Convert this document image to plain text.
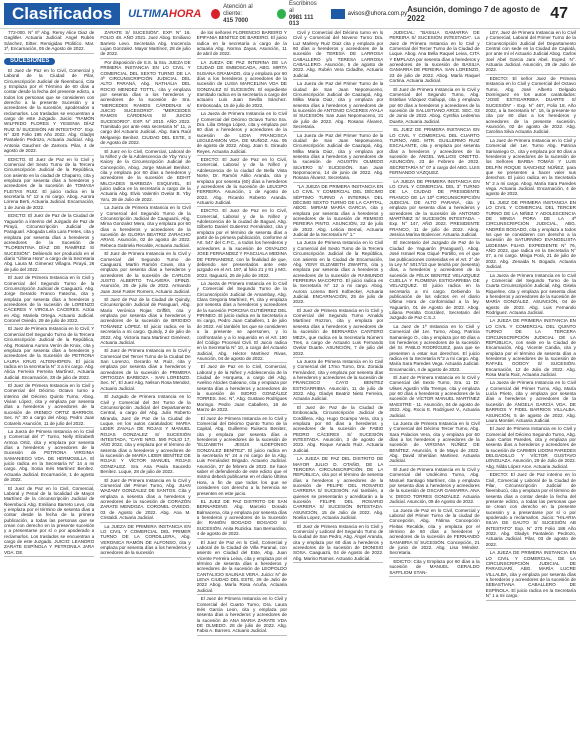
Clasificados	ULTIMAHORA
Atención al cliente:
415 7000
Escribinos al
0981 111 013
avisos@uhora.com.py Asunción, domingo 7 de agosto de 2022	47

772-000. N° 8º Abg. Remy Alice Diaz de Gaglitler. Actuaria Judicial: Angel Rubén Sánchez, Eitter. Remigidao Ptolitíco. Mar. 1ª, Encarnación, 05 de Agosto de 2022.

SUCESIONES

El Juez de Paz en lo Civil, Comercial y Laboral de la Ciudad de Pilar, Circunscripción Judicial de Ñeembucú, Cita y Emplaza por el Término de 60 días a contar desde la fecha del presente edicto, a todos los personas que se consideren con derecho a la presente Sucesión y a acreedores de la sucesión, apoderados a reclamarlos. Los traslados se encuentran a cargo de este Juzgado. Juicio: "RAMÓN WILFRIDO FLORES Y YESENIA DÍAZ RUIZ S/ SUCESIÓN AB INTESTATO". Exp. N° 320 Folio 195 Año 2022. Abg. Gladys Pantaleón Pedrozo, Actuaria Judicial. Abg. Antonia Gauchez de Zamora. Pilar, 4 de agosto de 2022.

EDICTO. El Juez de Paz en lo Civil y Comercial del Sexto Turno de la Tercera Circunscripción Judicial de la República, con asiento en la ciudad de Chaparro, cita y emplaza por sesenta días a herederos y acreedores de la sucesión de TOMASA FLEITAS RUIZ. El juicio radica en la secretaría N° 12 a mi cargo. Abog. Aurora Lorena Berti, Actuaria Judicial. Encarnación, 1 de Junio de 2022.

EDICTO: El Juez de Paz de la Ciudad de Yaguarón a interino del Juzgado de Paz de Pirayú, Circunscripción Judicial de Paraguarí. Abogada Leila Lara Fretes, cita y emplaza por sesenta días a herederos y acreedores de la Sucesión de "FLORENTINA DÍAZ DE RAMÍREZ S/ SUCESIÓN". Debiendo ser producido en el diario "Última Hora" a cargo de la Secretaria Abg. Laura M. Gimenez Villagra. Pirayú, 26 de julio del 2022.

El Juez de Primera Instancia en lo Civil y Comercial del Segundo Turno de la Circunscripción Judicial de Caaguazú. Abg. Jorge Gerardo Franco Fatecha, cita y emplaza por sesenta días a herederos y acreedores de la sucesión de LORENZO CÁCERES Y VIRGILIA CACERES. Actúa en Abg. Mariela Ortega. Actuario Judicial. Coronel Oviedo, 29 de julio de 2022.

El Juez de Primera Instancia en lo Civil, Y Comercial Del Segundo Turno de la Tercera Circunscripción Judicial de la República, Abg. Rosanna Aurora Verón de Knox, cita y emplaza por sesenta días a herederos y acreedores de la Sucesión de PETRONA LAURA KRUG ALTENHOFEN. El juicio radica en la secretaría N° 3 a mi cargo. Abg. Alicia Ferreira Ferreira Martínez, Actuaria Judicial. Encarnación, 28 de julio de 2022.

El Juez de Primera Instancia en lo Civil y Comercial del Décimo Octavo turno a interino del Décimo Quinto Turno, Abog. Vivian López, cita y emplaza por sesenta días a herederos y acreedores de la sucesión de IRENEO ORTIZ BARRIOS. Sec. N° 30 a cargo del Abog. Pedro Juan Cotarelo Asunción, 11 de julio del 2022.

La Jueza de Primera Instancia en lo Civil y Comercial del 7° Turno, Nelly Elizabeth Armoa Ortiz, cita y emplaza por sesenta días a herederos y acreedores de la Sucesión de PETRONA VIRGINIA SAMANIEGO VDA. DE HERMOSILLA. El juicio radica en la Secretaría N° 14 a mi cargo. Abg. Sonia Inés Martínez Benítez. Actuaria Judicial. Encarnación, 1 de agosto de 2022.

El Juez de Paz en lo Civil, Comercial, Laboral y Penal de la localidad de Mayor Martínez de la circunscripción Judicial de Ñeembucú Abg. Emiliano Barreto Levo, cita y emplaza por el término de sesenta días a contar desde la fecha de la primera publicación, a todas las personas que se crean con derecho en la presente sucesión y a presentarse por sí o por apoderado a reclamarlos. Los traslados se encuentran a cargo de este Juzgado. JUICIO: LEANDRO ZARATE ESPÍNOLA Y PETRONILA JARA VDA. DE

ZARATE S/ SUCESIÓN". EXP. N° 16. FOLIO 48. AÑO 2021. Juez Abog. Emiliano Barreto Levo. Secretaria Abg. Inocencia Lujan Gonzalez. Mayor Martínez, 28 de julio de 2022.

Por disposición de S.S. la Sra. JUEZA DE PRIMERA INSTANCIA EN LO CIVIL Y COMERCIAL DEL SEXTO TURNO DE LA 4ª CIRCUNSCRIPCIÓN JUDICIAL DEL ALTO PARANÁ, Abg. NATHALIA DEL ROCIO MENDEZ TOTTL, cita y emplaza por sesenta días a los herederos y acreedores de la sucesión de Sra. "MERCEDES RAMOS CÁRDENAS s/ JUICIO SUCESORIO". "MERCEDES RAMOS CÁRDENAS S/ JUICIO SUCESORIO". EXP. N° 2010. AÑO 2022. Tramitado por ante esta secretaría N° 11, a cargo del Actuario Judicial. Abg. Sara Raúl Melgarejo Benítez. CIUDAD DEL ESTE, 3 de Agosto de 2022.

El Juez en lo Civil, Comercial, Laboral de la Niñez y de la Adolescencia de Yby Ya'u y Kaiory de la Circunscripción Judicial de Concepción, Abog. Jorge Manuel Benítez, cita y emplaza por 60 días a herederos y acreedores de la sucesión de EDHIT MILCIADES BARBOZA ESQUIVEL, El juicio radica en la secretaría a cargo de la Actuaria Abg. Elvio Valentín Ovelar B. Yby Ya'u, 28 de Julio de 2022.

La Jueza de Primera Instancia en lo Civil y Comercial del Segundo Turno de la Circunscripción Judicial de Caaguazú, Abg. Mirna Gonzalez Mera, cita y emplaza por 60 días a herederos y acreedores de la sucesión de GLORIA BEATRIZ ZARACHO ARIAS. Asunción, 02 de agosto de 2022. Rebeca Gabriela Recalde, Actuaria Judicial.

El Juez de Primera Instancia en lo Civil y Comercial del Segundo Turno de Caaguazú, Martín Ramón Cowin, cita y emplaza por sesenta días a herederos y acreedores de la sucesión de CARLOS JUSTO ALBERTO TALAVERA SPINZI. Asunción, 25 de julio de 2022. Armando Juan José Fuster Romero, Actuario Judicial.

El Juez de Paz de la Ciudad de Quindy, Circunscripción Judicial de Paraguarí, Abg. María Verónica Rojas Griffith, cita y emplaza por sesenta días a herederos y acreedores de la sucesión de BRIGIDO TOÑANEZ LÓPEZ. El juicio radica en la secretaría a mi cargo. Quindy, 2 de julio de 2022. Abg. Victoria Sara Martinez Giménez, Actuaria Judicial.

El Juez de Primera Instancia en lo Civil y Comercial Del Tercer Turno de la Ciudad De San Lorenzo, Gerardo M. Ruiz, cita y emplaza por sesenta días a herederos y acreedores de la sucesión de PRIMERA ORTIGOZA BARBOZA - SAN LORENZO. Sec. N°, El Juez Abg. Nelson Rosa Mendez, Actuario Judicial.

El Juzgado de Primera Instancia en lo Civil y Comercial del 3er Turno de la Circunscripción Judicial del Departamento Central, a cargo del Abg. Julio Roberto Miranda, Juez de Paz de la Ciudad de Luque, en los autos caratulados: MARIA LIDER ZAVALA DE ROJAS Y MANUEL ROJAS GONZALEZ S/ SUCESIÓN INTESTADA, "CAYE NRO. 590 FOLIO 17, AÑO 2022, cita y emplaza por el término de sesenta días a herederos y acreedores de la sucesión de MARÍA LIDER BENÍTEZ DE ROJAS Y VÍCTOR MANUEL ROJAS GONZALEZ. Sra. Ana Paula Saucedo Benítez. Luque, 28 de julio de 2022.

El Juez de Primera Instancia en lo Civil y Comercial del Primer Turno, Abg. JUAN WAZAMY GONZALEZ DE SANTOS. Cita y emplaza a sesenta días a herederos y acreedores de la sucesión de CORAZÓN ZARATE MENDOZA. CORONEL OVIEDO, 03 de Agosto de 2022. Abg. Ana M. Cristaldi. Actuaria Judicial.

La JUEZA DE PRIMERA INSTANCIA EN LO CIVIL Y COMERCIAL DEL PRIMER TURNO DE LA CORDILLERA, Abg. VERONICA RAMÓN DE ALFONSO, cita y emplaza por sesenta días a los herederos y acreedores de la sucesión

de los señores FLORENCIO BAREIRO Y EPIFANIA BENÍTEZ DE BAREIRO. El juicio radica en la secretaría a cargo de la actuaria Abg. Norma Zayas, Asunción, 11 de abril de 2022.

LA JUEZA DE PAZ INTERINA DE LA CIUDAD DE EMBOSCADA, ABG. MIRTA SUSANA GRAMADO, cita y emplaza por 60 días a los herederos y acreedores de la sucesión de LUISA MARCELINA VDA DE GONZALEZ S/ SUCESIÓN. El expediente tramitado radica en la secretaría a cargo del actuario Luis Juan Sevilla Sánchez. Emboscada, 15 de julio de 2022.

La Jueza de Primera Instancia en lo Civil y Comercial del Décimo Octavo Turno Sra. Dra. Lilia Ortega López, cita y emplaza por 60 días a herederos y acreedores de la sucesión de LIDIA FRANCISCA LEGUIZAMON VDA. DE MUÑOZ. Asu. 05 de agosto de 2022. Abog. Joan S. Giraudo Reyes. Actuaria Judicial.

EDICTO: El Juez de Paz en lo Civil, Comercial, Laboral y de la Niñez y Adolescencia de la ciudad de Bella Vista Norte, Dr. Ramón Atilio Aranda, cita y emplaza por sesenta (60) días a herederos y acreedores de la sucesión de LEUCIPO FERREIRA. Asunción, 1 de Agosto de 2022. Abg. Ricardo Roberto Aranda. Actuario Judicial.

EDICTO. El Juez de Paz en lo Civil, Comercial, Laboral y de la Niñez y Adolescencia de la ciudad de Bagual, Abg. Gilberto Daniel Gutierrez Fernández, cita y emplaza por el término de sesenta días a partir de la primera publicación, conforme al Art. 547 del C.P.C., a todos los herederos y acreedores a la sucesión de OSVALDO JOSE FERNANDEZ Y PASCUALA MEDINA DE FERNANDEZ, con la finalidad de que, debiendo ser presentados ante este juzgado en el Art. 197, al folio 21 y 91 y MG. 2022. Itaguazú, 25 de julio de 2022.

La Jueza de Primera Instancia en lo Civil y Comercial del Segundo Turno de la Circunscripción Judicial de Amambay, Abg. Clara Gregoria Martínez, Pi, cita y emplaza por sesenta días a herederos y acreedores de la sucesión PORCINA GUTIÉRREZ DEL PIRINEO. El juicio radica en la Secretaría a mi cargo, Pedro Juan Caballero, 1 de julio de 2022. Así también los que se consideren a la presente se apersonen, y lo confrontarán y a lo requerido en el Art. 180 del Código Procesal Civil. El Juicio radica en la Secretaría N° 10, a cargo del Actuario Judicial, Abg. Héctor Martínez Rivas, Asunción, 04 de agosto de 2022.

El Juez de Paz en lo Civil, Comercial, Laboral y de la Niñez y Adolescencia de la Ciudad de Horqueta, a cargo del Abg. Avelino Alcides Galeano, cita y emplaza por sesenta días a herederos y acreedores de la sucesión de ISIDRO GONZÁLEZ TORRES. Sec. N°, Abg. Gustavo Rodrigues Moringo. Pedro Juan Caballero, 18 de Marzo de 2022.

El Juez de Primera Instancia en lo Civil y Comercial del Décimo Quinto Turno de la Capital, Abg. Guillermo Ruiseco Benitez, cita y emplaza por sesenta días a herederos y acreedores de la sucesión de "ELIZABETH JESÚS ILDEFONSO GONZALEZ BENÍTEZ". El juicio radica en la secretaría N° 24 a mi cargo de la Abg. Luis Fernández Brigado. Actuario Judicial. Asunción, 27 de febrero de 2022. Se hace saber el defendiendo de este edicto que el mismo deberá publicarse en el diario Última Hora, a fin de que todos los que se consideren con derecho a la herencia se presenten en este juicio.

EL JUEZ DE PAZ DISTRITO DE SAN BERNARDINO. Abg. Marcelo Dorado Balmacena, cita y emplaza por sesenta días a herederos y acreedores de la Sucesión de: RAMÓN BOGADO BOGADO S/ SUCESIÓN. Anita Ruzicka. San Bernardino, 4 de agosto de 2022.

El Juez de Paz en lo Civil, Comercial y Laboral de la Ciudad de Villa Paranal, con asiento en Ciudad del Este, Abg. Juan Vicente Ferreira Leiva, cita y emplaza por el término de sesenta días a herederos y acreedores de la sucesión de LEOPOLDO CANTALICIO SALINAS VERA. Juicio: N° de LEIVA CIUDAD DEL ESTE, 28 de Julio de 2022 Abog. María Rosa Acuña, Actuaria Judicial.

El Juez de Primera Instancia en lo Civil y Comercial del Cuarto Turno, Dra. Laura Inés Garcia Leon, cita y emplaza por sesenta días a herederos y acreedores de la sucesión de ANA MARIA ZARATE VDA DE OLMEDO. 28 de julio de 2022. Abg. Fabio A. Barrero. Actuario Judicial.

Civil y Comercial del Décimo turno en lo Civil y Comercial del Noveno Turno Dra. Luz Marleny Ruiz Diaz cita y emplaza por 60 días a herederos y acreedores de la sucesión de TERESA DE LARROSA CABALLERO y/o TERESA LARROSA CABALLERO. Asunción, 5 de agosto de 2022. Abg. Rubén Vera Cidadhe, Actuario Judicial.

La Jueza de Paz del Primer Turno de la ciudad de San Juan Nepomuceno, Circunscripción Judicial de Caazapá, Abg. Milka Maria Diaz, cita y emplaza por sesenta días a herederos y acreedores de la sucesión de ANTONIO CÁCERES AYALA S/ SUCESIÓN. San Juan Nepomuceno, 21 de julio de 2022. Abg. Rosana Álvarez, Secretaria.

La Jueza de Paz del Primer Turno de la ciudad de San Juan Nepomuceno, Circunscripción Judicial de Caazapá, Abg. Milka Maria Diaz, cita y emplaza por sesenta días a herederos y acreedores de la sucesión de AGUSTÍN OLMEDO SILVERO S/ SUCESIÓN. San Juan Nepomuceno, 14 de junio de 2022. Abg. Rosana Álvarez, Secretaria.

"LA JUEZA DE PRIMERA INSTANCIA EN LO CIVIL Y COMERCIAL DEL DÉCIMO SÉPTIMO TURNO A INTERINA DEL DÉCIMO SEXTO TURNO DE LA CAPITAL, ABOG. MIRIAM MARÍA GARCIA, cita y emplaza por sesenta días a herederos y acreedores de la sucesión de REMIGIO PEREIRA PINTO. ASUNCIÓN, 22 de julio de 2022. Abg. Leticia Bernal, Actuaria Judicial de la Secretaría N° 1."

La Jueza de Primera Instancia en lo Civil y Comercial del Sexto Turno de la Tercera Circunscripción Judicial de la República, con asiento en la Ciudad de Encarnación, Abg. YENY ELIZABETH ZWARTS, cita y emplaza por sesenta días a herederos y acreedores de la sucesión de RAIMUNDO FERREIRA MACORITO. El juicio radica en la Secretaría N° 12 a mi cargo. Abog. Aurora Lorena Berti Kolbecker, Actuaria Judicial. ENCARNACIÓN, 25 de julio de 2022.

El Juez de Primera Instancia en lo Civil y Comercial del Segundo Turno Arnaldo Martínez Rozzon, cita y emplaza por sesenta días a herederos y acreedores de la sucesión de BERNARDA CANTERO MEZA, que radica en la Secretaría Número Tres, a cargo de Actuario Luis Fernando Ovelar Duarte. ASUNCIÓN, 7 de julio del 2022.

La Jueza de Primera Instancia en lo Civil y Comercial del 17mo Turno, Dra. Zoraida Fernández, cita y emplaza por sesenta días a herederos y acreedores de la sucesión de FRANCISCO CAYO BENÍTEZ ESTIGARRIBIA. Asunción, 11 de julio de 2022. Abg. Gladys Beatriz Nieto Ferreira, Actuaria Judicial.

El Juez de Paz de la Ciudad de Emboscada, Circunscripción Judicial de Cordillera, Abg. Hugo Ocampo Vera, cita y emplaza por 60 días a herederos y acreedores de la sucesión de FABIO PEDRO CÁCERES S/ SUCESIÓN INTESTADA. Asunción, 3 de agosto de 2022. Abg. Roque Amado Ruiz. Actuaria Judicial.

LA JUEZA DE PAZ DEL DISTRITO DE MAYOR JULIO D. OTAÑO, DE LA TERCERA CIRCUNSCRIPCIÓN DE LA REPÚBLICA, cita por el término de sesenta días a herederos y acreedores de la sucesión de PELIPE DEL ROSARIO CARRERA S/ SUCESIÓN. Así también, a quienes se presentarán y acreditarán a la sucesión FELIPE DEL ROSARIO CARRERA S/ SUCESIÓN INTESTADA. ASUNCIÓN, 15 de Julio de 2022. Abg. Noelia Lopez, Actuaria Judicial.

El Juez de Primera Instancia en lo Civil y Comercial y Laboral del Segundo Turno de la ciudad de San Pedro, Abg. Ángel Aranda, cita y emplaza por 60 días a herederos y acreedores de la sucesión de DIONISIO SOSA. Caaguazú, 04 de Agosto de 2022. Abg. Marino Ramos. Actuario Judicial.

JUDICIAL: "BASILIA GAMARRA DE PEREIRA S/ SUCESIÓN INTESTADA". La Juez de Primera Instancia en lo Civil y Comercial del Tercer Turno de la Ciudad de Luque. Abog. Ana Bella Raquel Leiva, CITA Y EMPLAZA por sesenta días a herederos y acreedores de la sucesión de BASILIA GAMARRA DE PEREIRA. SAN LORENZO, 23 de julio de 2022. Abog. María Raquel Cortina. Actuaria Judicial.

El Juez de Primera Instancia en lo Civil y Comercial del Segundo Turno, Abg. Esteban Vázquez Galluppi, cita y emplaza por 60 días a herederos y acreedores de la sucesión de SALUSTIANO ARCE. SEC. 03 de Junio de 2022. Abog. Cynthia Ledesma Duarte, Actuaria Judicial.

EL JUEZ DE PRIMERA INSTANCIA EN LO CIVIL Y COMERCIAL DEL CUARTO TURNO, ABG. MTR. GUILLERMO RUIZ ESCALANTE, cita y emplaza por sesenta días a herederos y acreedores de la sucesión de ÁNGEL WILLIOS ONETTO. ASUNCIÓN, 23 de Febrero de 2022. SECRETARÍA N° 07 a cargo del ABG. LUIS FERNANDO VÁZQUEZ.

LA JUEZA DE PRIMERA INSTANCIA EN LO CIVIL Y COMERCIAL DEL 3° TURNO DE LA CIUDAD DE PRESIDENTE FRANCO DE LA 10ª CIRCUNSCRIPCIÓN JUDICIAL DE ALTO PARANÁ, cita y emplaza por sesenta días a herederos y acreedores de la sucesión de ANTONIO MARTÍNEZ S/ SUCESIÓN INTESTADA. - Exp. N° 147, AÑO 2022. PRESIDENTE FRANCO, 11 de julio de 2022. Abog. Jessica Marina Bodeccer. Actuaria Judicial.

El Secretario del Juzgado de Paz de la Ciudad de Yaguarón (Paraguarí), Abog. José Ismael Roa Giqué Portillo, en el que las publicaciones contenidas en el Art. 2° de la Ley N° 5017/13 que tendrá por (sesenta) días, a herederos y acreedores de la sucesión de FÉLIX BENITEZ VELAZQUEZ CUELLA Y FLOMENA ESTIGARRIBIA DE VELAZQUEZ. El juicio radica en la secretaría a mi cargo. Debiendo la publicación de los edictos en el diario Última Hora de conformidad a la ley. Yaguarón, 01 de Agosto de 2022. Abog. Liliana Peralta González, Secretario del Juzgado de Paz C.S.J.

La Juez de 1ª Instancia en lo Civil y Comercial del 1er. Turno, Abog. Patricia Samaniego O., cita y emplaza por 60 días a los herederos y acreedores de la sucesión del Sr. PABLO RODRÍGUEZ, para que se presenten a estar sus derechos. El juicio radica en la Secretaría N°2 a mi cargo. Abg. María Sara Paredes Vega. Actuaria Judicial. Encarnación, 4 de agosto de 2022.

El Juez de Primera Instancia en lo Civil y Comercial del Sexto Turno, Sra. 11 Dr. Ulises Agustín Villa Tremps, cita y emplaza por 60 días a herederos y acreedores de la sucesión de VÍCTOR MANUEL MARTÍNEZ MAESTRE - 11. Asunción, 04 de agosto de 2022. Abg. Rocio E. Rodríguez V., Actuaria Judicial.

La Jueza de Primera Instancia en lo Civil y Comercial del Décimo Tercer Turno, Abg. Sara Palacios Vera, cita y emplaza por 60 días a los herederos y acreedores de la sucesión de VIRGINIA NÚÑEZ DE BENÍTEZ. Asunción, 6 de Mayo de 2022. Abg. David Sheridan Martinez. Actuaria Judicial.

El Juez de Primera Instancia en lo Civil y Comercial del Undécimo Turno, Abg. Manuel Santiago Martínez, cita y emplaza por sesenta días a herederos y acreedores de la sucesión de OSCAR GAMARRA. ANA V. DIEGO TORRES GONZÁLEZ. Actuaria Judicial. Asunción, 09 de Agosto de 2022.

La Jueza de Paz en lo Civil, Comercial y Laboral del Primer Turno de la ciudad de Concepción, Abg. Fátima Concepción Fleitas Recalde, cita y emplaza por el término de 60 días a herederos y acreedores de la sucesión de FERNANDO SANABRIA S/ SUCESIÓN. Concepción, 21 de junio de 2022. Abg. Lisa Méndez. Secretaria.

EDICTO: Cita y Emplaza por 60 días a la sucesión de MANUEL GERALDO SAFFLIOM STAN-

LEY, Juez de Primera Instancia en lo Civil y Comercial, Laboral del Primer Turno de la Circunscripción Judicial del Departamento Central con sede en la Ciudad de Capiatá, por ante mí el Actuario Judicial Abog. Carlos Joel Abel Garcia Jara Abel. Exped. N°. Actuaria Judicial. Asunción, 29 de Julio de 2022.

EDICTO: El señor Juez de Primera Instancia en lo Civil y Comercial del Octavo Turno, Abg. José Alberto Delgado Domínguez en los autos caratulados: "JOSÉ ESTIGARRIBIA DUARTE S/ SUCESIÓN" - Exp. N° 467, Folio 18, Año 2022, a la Secretaría N°. 16, la presente se cita por 60 días a los herederos y acreedores de la presente sucesión. Asunción, 02 de agosto de 2022. Abg. Carolina Silva Actuaria Judicial.

La Juez de Primera Instancia en lo Civil y Comercial del 1er. Turno Abg. Patricia Samaniego O., cita y emplaza por 60 días a herederos y acreedores de la sucesión de los Señores BARBA TOMÁS Y LUIS DELFÍN ROQUE SANCHEZ NÚÑEZ, para que se presenten a hacer valer sus derechos. El juicio radica en la Secretaría N° 2 a mi cargo. Abog. María Sara Paredes Vega. Actuaria Judicial. Encarnación, 4 de agosto de 2022.

EL JUEZ DE PRIMERA INSTANCIA EN LO CIVIL Y COMERCIAL DEL TERCER TURNO DE LA NIÑEZ Y ADOLESCENCIA DE MINGA PORA DE LA 4ª CIRCUNSCRIPCIÓN JUDICIAL, ABG. ANDRÉS BOGADO, cita y emplaza a todos los que se consideren con derecho a la sucesión de SATURNINO EVANGELISTA LEDESMA FILHO. EXPEDIENTE N° 76, AÑO 2022, que radica en la Secretaría N° 07, a mi cargo. Minga Porá, 21 de julio de 2022. Abg. Zenaida N. Bogado. Actuaria Judicial.

La Jueza de Primera Instancia en lo Civil y Comercial del Segundo Turno de la Cuarta Circunscripción Judicial, Abg. Gisela Riquelme, cita y emplaza por sesenta días a herederos y acreedores de la sucesión de MARÍA GONZÁLEZ. ASUNCIÓN, 04 de agosto de 2022. Abg. Luis Fernando Rodríguez. Actuaria Judicial.

LA JUEZA DE PRIMERA INSTANCIA EN LO CIVIL Y COMERCIAL DEL QUINTO TURNO DE LA TERCERA CIRCUNSCRIPCIÓN JUDICIAL DE LA REPÚBLICA, con sede en la Ciudad de Encarnación, Abg. Vicente Candia, cita y emplaza por el término de sesenta días a herederos y acreedores de la sucesión de RAFAEL GODOY S/ SUCESIÓN. Encarnación, 12 de Julio de 2022. Abg. Rosa María Ruiz, Actuaria Judicial.

La Jueza de Primera Instancia en lo Civil y Comercial del Primer Turno, Abg. María Lucía Prieto, cita y emplaza por sesenta días a herederos y acreedores de la sucesión de ÁNGELA GARCÍA VDA. DE BARRIOS Y FIDEL BARRIOS VILLALBA. ASUNCIÓN, 5 de agosto de 2022. Abg. Laura Montiel. Actuaria Judicial.

El Juez de Primera Instancia en lo Civil y Comercial del Décimo Segundo Turno, Abg. Juan Carlos Paredes, cita y emplaza por sesenta días a herederos y acreedores de la sucesión de CARMEN LIDONI PAREDES DELGADILLO Y VÍCTOR GUSTAVO LENGUAZA. Asunción, 29 de Julio de 2022. Abg. Nilda López Arce. Actuaria Judicial.

EDICTO: El Juez de Paz interino en lo Civil, Comercial y Laboral de la Ciudad de Pilar, Circunscripción Judicial de Ñeembucú, cita y emplaza por el término de sesenta días a contar desde la fecha del presente edicto, a todas las personas que se crean con derecho en la presente sucesión y a presentarse por sí o por apoderado a reclamarlos. Juicio: "HILARIA SILVA DE GAUTO S/ SUCESIÓN AB INTESTATO" Exp. N° 270 Folio 186 Año 2022. Abg. Gladys Pantaleón Pedrozo, Actuaria Judicial. Pilar, 03 de agosto de 2022.

LA JUEZA DE PRIMERA INSTANCIA EN LO CIVIL Y COMERCIAL, DE LA CIRCUNSCRIPCIÓN JUDICIAL DE PARAGUARÍ, ABG. MARÍA LUCRE VILLALBA, cita y emplaza por sesenta días a herederos y acreedores de la sucesión de SEBASTIANA CABALLERO DE ESPÍNOLA. El juicio radica en la Secretaría N° 1 a mi cargo.
